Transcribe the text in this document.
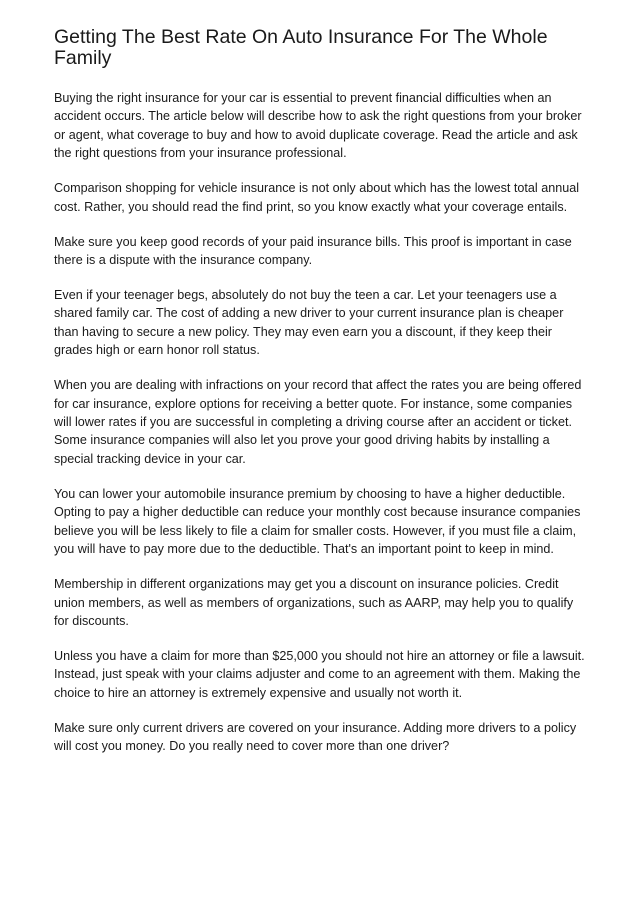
Getting The Best Rate On Auto Insurance For The Whole Family

Buying the right insurance for your car is essential to prevent financial difficulties when an accident occurs. The article below will describe how to ask the right questions from your broker or agent, what coverage to buy and how to avoid duplicate coverage. Read the article and ask the right questions from your insurance professional.

Comparison shopping for vehicle insurance is not only about which has the lowest total annual cost. Rather, you should read the find print, so you know exactly what your coverage entails.

Make sure you keep good records of your paid insurance bills. This proof is important in case there is a dispute with the insurance company.

Even if your teenager begs, absolutely do not buy the teen a car. Let your teenagers use a shared family car. The cost of adding a new driver to your current insurance plan is cheaper than having to secure a new policy. They may even earn you a discount, if they keep their grades high or earn honor roll status.

When you are dealing with infractions on your record that affect the rates you are being offered for car insurance, explore options for receiving a better quote. For instance, some companies will lower rates if you are successful in completing a driving course after an accident or ticket. Some insurance companies will also let you prove your good driving habits by installing a special tracking device in your car.

You can lower your automobile insurance premium by choosing to have a higher deductible. Opting to pay a higher deductible can reduce your monthly cost because insurance companies believe you will be less likely to file a claim for smaller costs. However, if you must file a claim, you will have to pay more due to the deductible. That's an important point to keep in mind.

Membership in different organizations may get you a discount on insurance policies. Credit union members, as well as members of organizations, such as AARP, may help you to qualify for discounts.

Unless you have a claim for more than $25,000 you should not hire an attorney or file a lawsuit. Instead, just speak with your claims adjuster and come to an agreement with them. Making the choice to hire an attorney is extremely expensive and usually not worth it.

Make sure only current drivers are covered on your insurance. Adding more drivers to a policy will cost you money. Do you really need to cover more than one driver?
